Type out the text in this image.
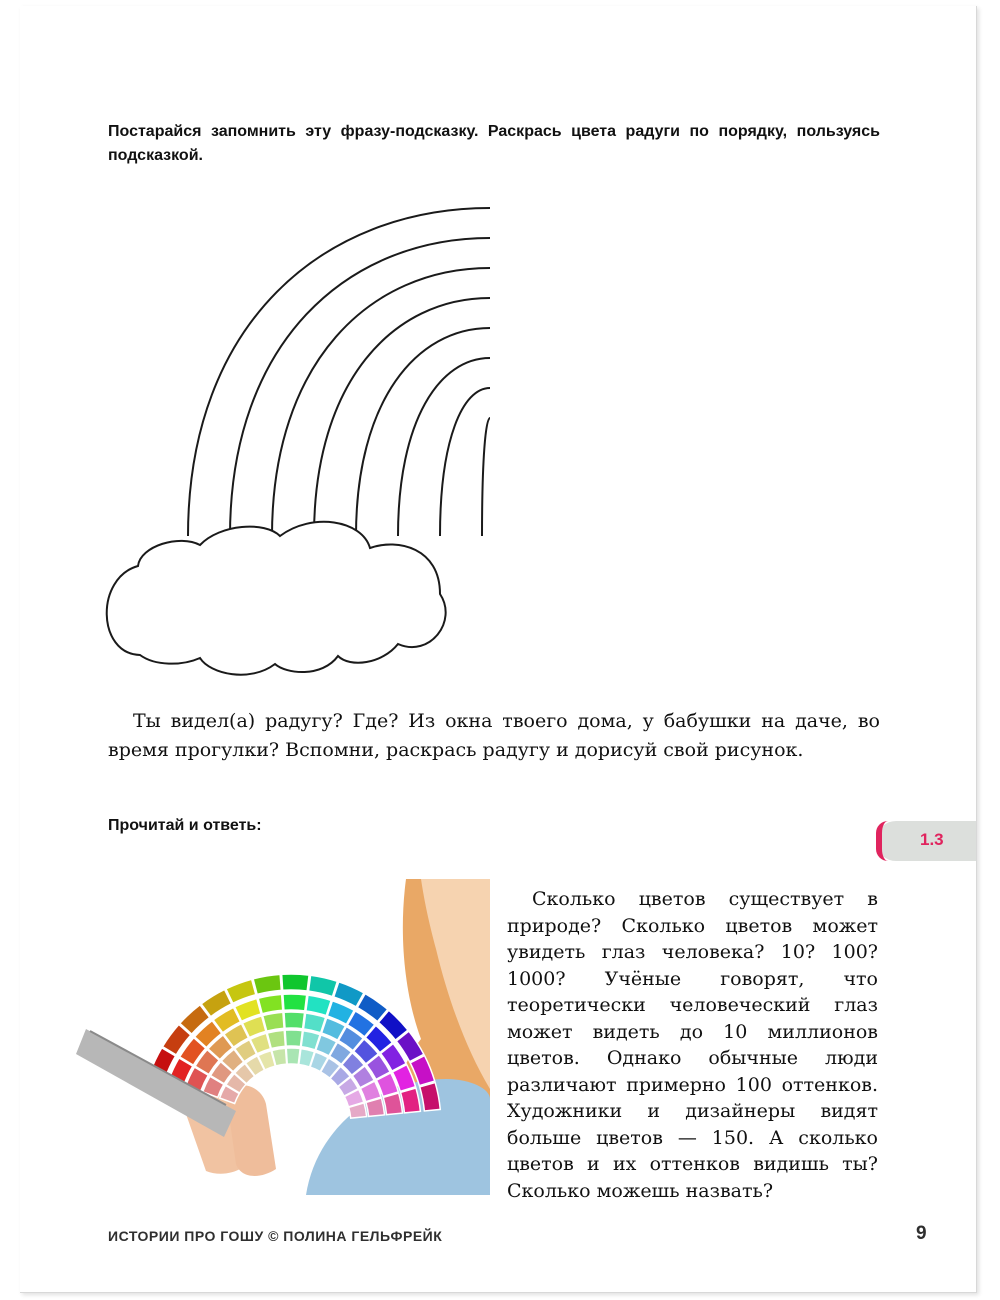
Постарайся запомнить эту фразу-подсказку. Раскрась цвета радуги по порядку, пользуясь подсказкой.

Ты видел(а) радугу? Где? Из окна твоего дома, у бабушки на даче, во время прогулки? Вспомни, раскрась радугу и дорисуй свой рисунок.

Прочитай и ответь:

1.3

Сколько цветов существует в природе? Сколько цветов может увидеть глаз человека? 10? 100? 1000? Учёные говорят, что теоретически человеческий глаз может видеть до 10 миллионов цветов. Однако обычные люди различают примерно 100 оттенков. Художники и дизайнеры видят больше цветов — 150. А сколько цветов и их оттенков видишь ты? Сколько можешь назвать?

ИСТОРИИ ПРО ГОШУ © ПОЛИНА ГЕЛЬФРЕЙК	9
